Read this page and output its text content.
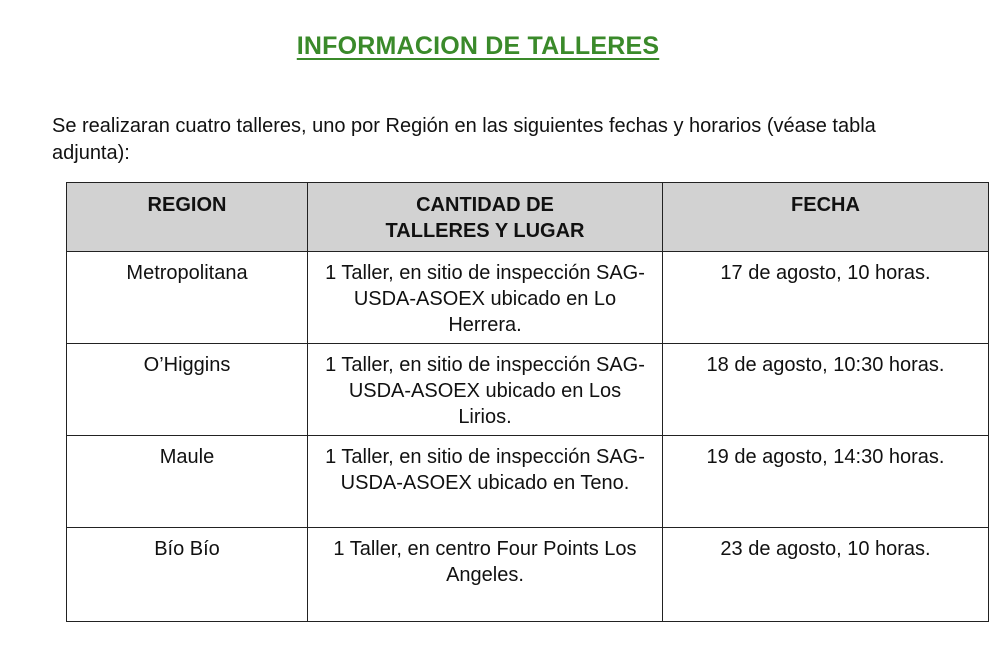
INFORMACION DE TALLERES
Se realizaran cuatro talleres, uno por Región en las siguientes fechas y horarios (véase tabla adjunta):
REGION	CANTIDAD DE TALLERES Y LUGAR	FECHA
Metropolitana	1 Taller, en sitio de inspección SAG-USDA-ASOEX ubicado en Lo Herrera.	17 de agosto, 10 horas.
O’Higgins	1 Taller, en sitio de inspección SAG-USDA-ASOEX ubicado en Los Lirios.	18 de agosto, 10:30 horas.
Maule	1 Taller, en sitio de inspección SAG-USDA-ASOEX ubicado en Teno.	19 de agosto, 14:30 horas.
Bío Bío	1 Taller, en centro Four Points Los Angeles.	23 de agosto, 10 horas.
